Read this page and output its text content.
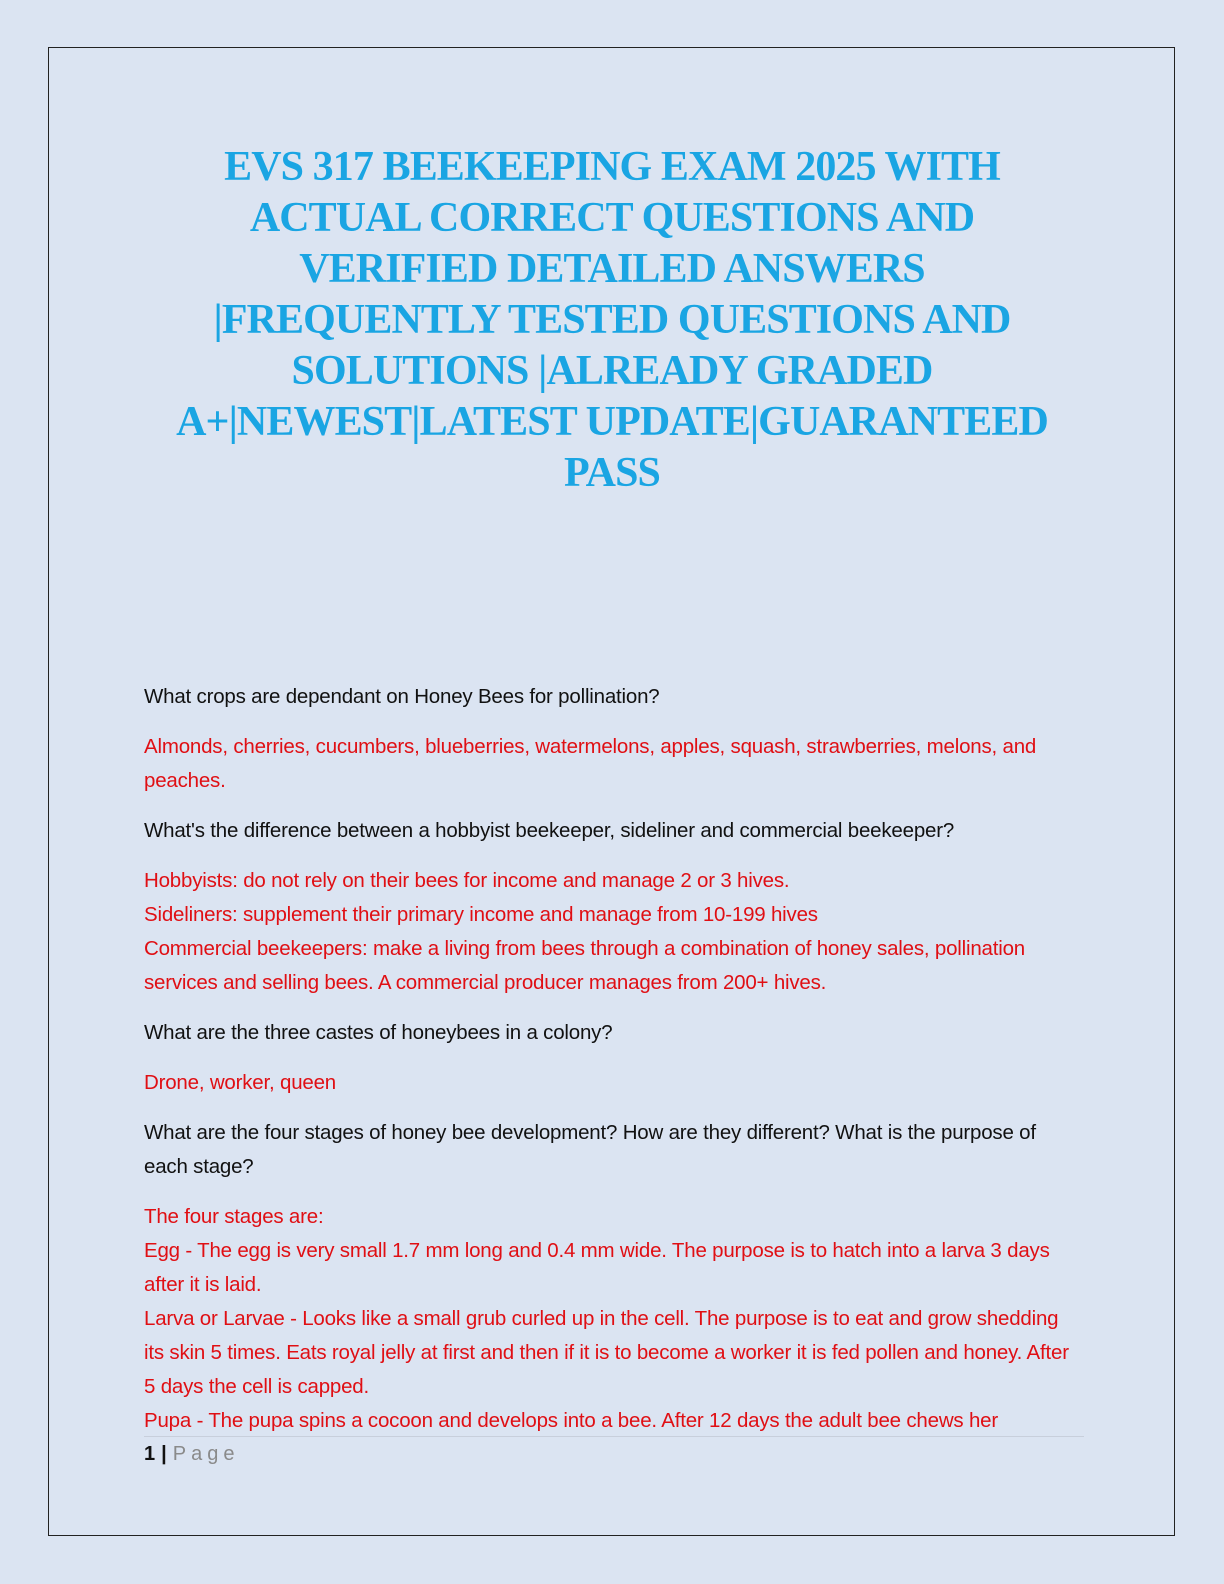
EVS 317 BEEKEEPING EXAM 2025 WITH
ACTUAL CORRECT QUESTIONS AND
VERIFIED DETAILED ANSWERS
|FREQUENTLY TESTED QUESTIONS AND
SOLUTIONS |ALREADY GRADED
A+|NEWEST|LATEST UPDATE|GUARANTEED
PASS

What crops are dependant on Honey Bees for pollination?

Almonds, cherries, cucumbers, blueberries, watermelons, apples, squash, strawberries, melons, and peaches.

What's the difference between a hobbyist beekeeper, sideliner and commercial beekeeper?

Hobbyists: do not rely on their bees for income and manage 2 or 3 hives.
Sideliners: supplement their primary income and manage from 10-199 hives
Commercial beekeepers: make a living from bees through a combination of honey sales, pollination services and selling bees. A commercial producer manages from 200+ hives.

What are the three castes of honeybees in a colony?

Drone, worker, queen

What are the four stages of honey bee development? How are they different? What is the purpose of each stage?

The four stages are:
Egg - The egg is very small 1.7 mm long and 0.4 mm wide. The purpose is to hatch into a larva 3 days after it is laid.
Larva or Larvae - Looks like a small grub curled up in the cell. The purpose is to eat and grow shedding its skin 5 times. Eats royal jelly at first and then if it is to become a worker it is fed pollen and honey. After 5 days the cell is capped.
Pupa - The pupa spins a cocoon and develops into a bee. After 12 days the adult bee chews her

1 | Page
